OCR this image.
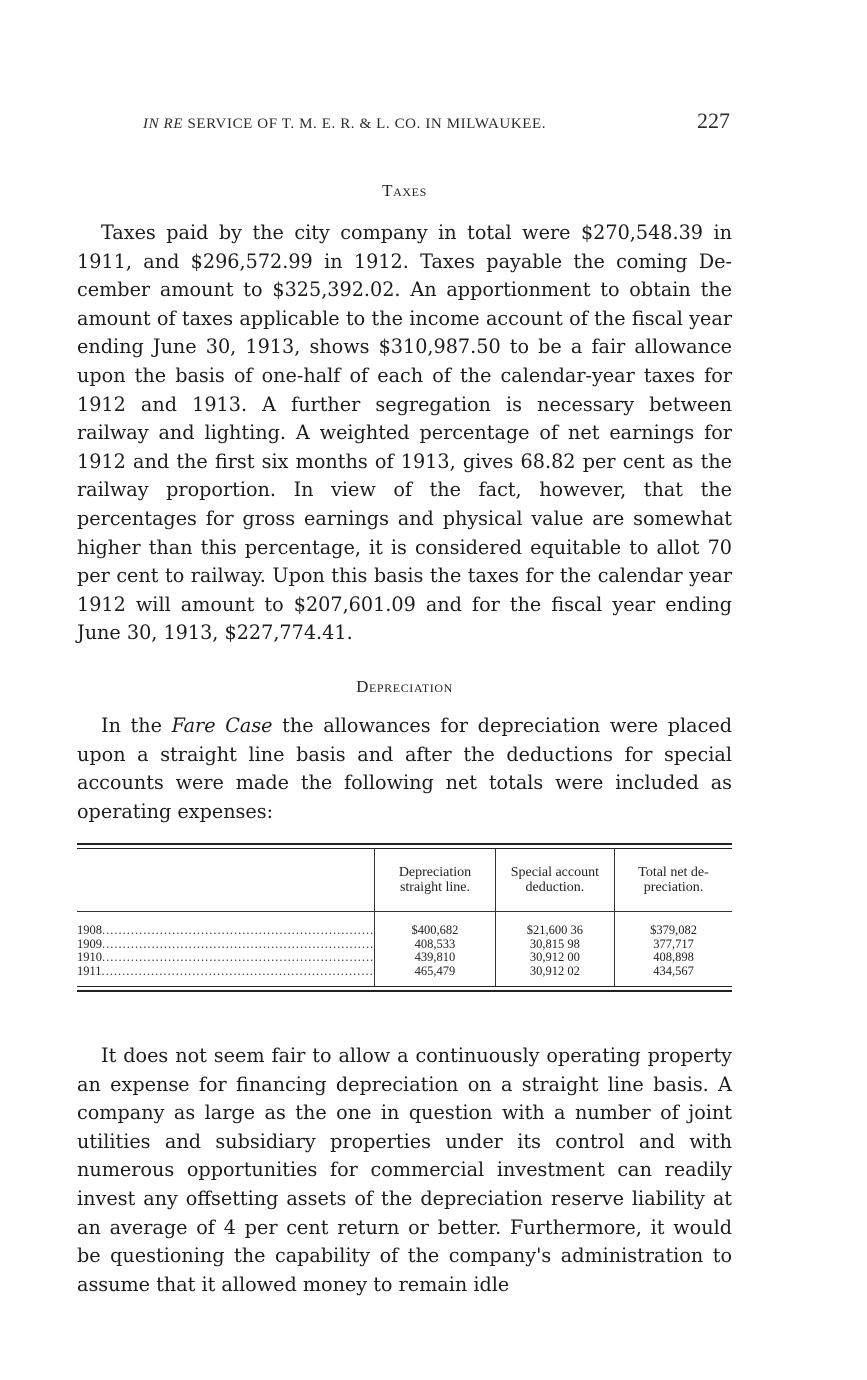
IN RE SERVICE OF T. M. E. R. & L. CO. IN MILWAUKEE.	227
Taxes

Taxes paid by the city company in total were $270,548.39 in 1911, and $296,572.99 in 1912. Taxes payable the coming December amount to $325,392.02. An apportionment to obtain the amount of taxes applicable to the income account of the fiscal year ending June 30, 1913, shows $310,987.50 to be a fair allowance upon the basis of one-half of each of the calendar-year taxes for 1912 and 1913. A further segregation is necessary between railway and lighting. A weighted percentage of net earnings for 1912 and the first six months of 1913, gives 68.82 per cent as the railway proportion. In view of the fact, however, that the percentages for gross earnings and physical value are somewhat higher than this percentage, it is considered equitable to allot 70 per cent to railway. Upon this basis the taxes for the calendar year 1912 will amount to $207,601.09 and for the fiscal year ending June 30, 1913, $227,774.41.

Depreciation

In the Fare Case the allowances for depreciation were placed upon a straight line basis and after the deductions for special accounts were made the following net totals were included as operating expenses:

	Depreciation straight line.	Special account deduction.	Total net depreciation.

1908 ..................................................................	$400,682	$21,600 36	$379,082

1909 ..................................................................	408,533	30,815 98	377,717

1910 ..................................................................	439,810	30,912 00	408,898

1911 ..................................................................	465,479	30,912 02	434,567

It does not seem fair to allow a continuously operating property an expense for financing depreciation on a straight line basis. A company as large as the one in question with a number of joint utilities and subsidiary properties under its control and with numerous opportunities for commercial investment can readily invest any offsetting assets of the depreciation reserve liability at an average of 4 per cent return or better. Furthermore, it would be questioning the capability of the company's administration to assume that it allowed money to remain idle
